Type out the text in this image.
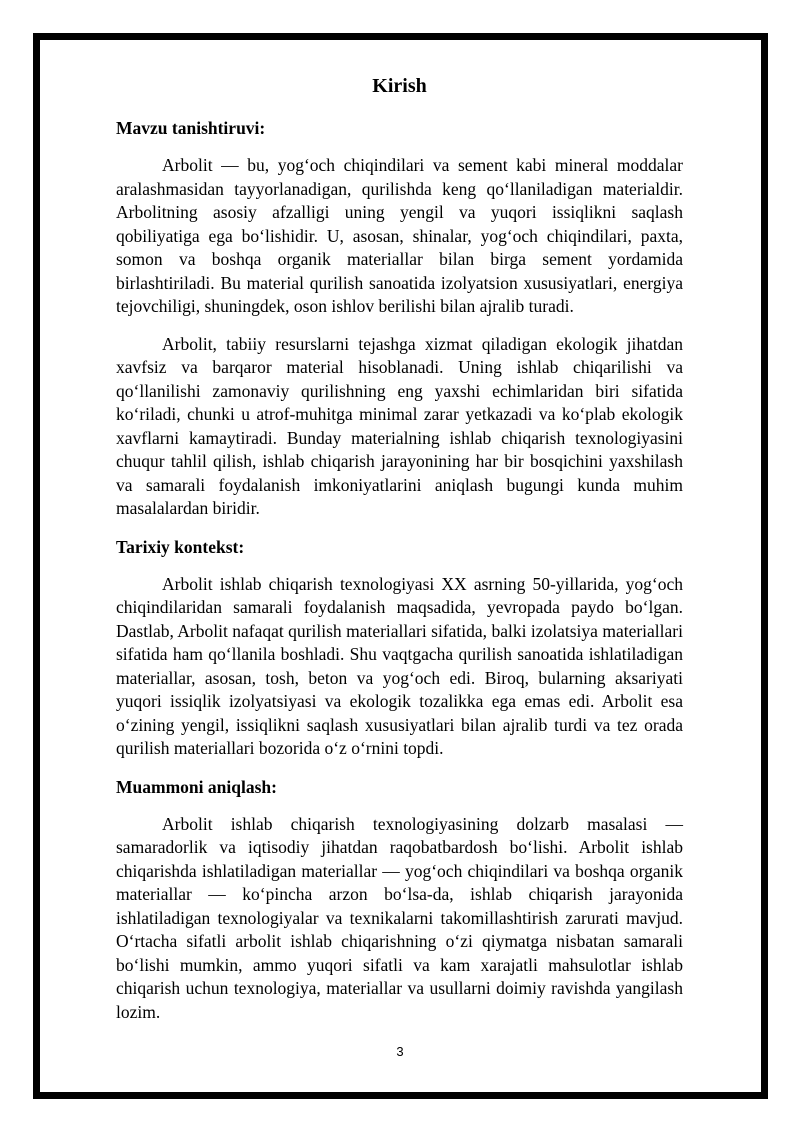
Kirish
Mavzu tanishtiruvi:

Arbolit — bu, yog‘och chiqindilari va sement kabi mineral moddalar aralashmasidan tayyorlanadigan, qurilishda keng qo‘llaniladigan materialdir. Arbolitning asosiy afzalligi uning yengil va yuqori issiqlikni saqlash qobiliyatiga ega bo‘lishidir. U, asosan, shinalar, yog‘och chiqindilari, paxta, somon va boshqa organik materiallar bilan birga sement yordamida birlashtiriladi. Bu material qurilish sanoatida izolyatsion xususiyatlari, energiya tejovchiligi, shuningdek, oson ishlov berilishi bilan ajralib turadi.

Arbolit, tabiiy resurslarni tejashga xizmat qiladigan ekologik jihatdan xavfsiz va barqaror material hisoblanadi. Uning ishlab chiqarilishi va qo‘llanilishi zamonaviy qurilishning eng yaxshi echimlaridan biri sifatida ko‘riladi, chunki u atrof-muhitga minimal zarar yetkazadi va ko‘plab ekologik xavflarni kamaytiradi. Bunday materialning ishlab chiqarish texnologiyasini chuqur tahlil qilish, ishlab chiqarish jarayonining har bir bosqichini yaxshilash va samarali foydalanish imkoniyatlarini aniqlash bugungi kunda muhim masalalardan biridir.

Tarixiy kontekst:

Arbolit ishlab chiqarish texnologiyasi XX asrning 50-yillarida, yog‘och chiqindilaridan samarali foydalanish maqsadida, yevropada paydo bo‘lgan. Dastlab, Arbolit nafaqat qurilish materiallari sifatida, balki izolatsiya materiallari sifatida ham qo‘llanila boshladi. Shu vaqtgacha qurilish sanoatida ishlatiladigan materiallar, asosan, tosh, beton va yog‘och edi. Biroq, bularning aksariyati yuqori issiqlik izolyatsiyasi va ekologik tozalikka ega emas edi. Arbolit esa o‘zining yengil, issiqlikni saqlash xususiyatlari bilan ajralib turdi va tez orada qurilish materiallari bozorida o‘z o‘rnini topdi.

Muammoni aniqlash:

Arbolit ishlab chiqarish texnologiyasining dolzarb masalasi — samaradorlik va iqtisodiy jihatdan raqobatbardosh bo‘lishi. Arbolit ishlab chiqarishda ishlatiladigan materiallar — yog‘och chiqindilari va boshqa organik materiallar — ko‘pincha arzon bo‘lsa-da, ishlab chiqarish jarayonida ishlatiladigan texnologiyalar va texnikalarni takomillashtirish zarurati mavjud. O‘rtacha sifatli arbolit ishlab chiqarishning o‘zi qiymatga nisbatan samarali bo‘lishi mumkin, ammo yuqori sifatli va kam xarajatli mahsulotlar ishlab chiqarish uchun texnologiya, materiallar va usullarni doimiy ravishda yangilash lozim.

3
